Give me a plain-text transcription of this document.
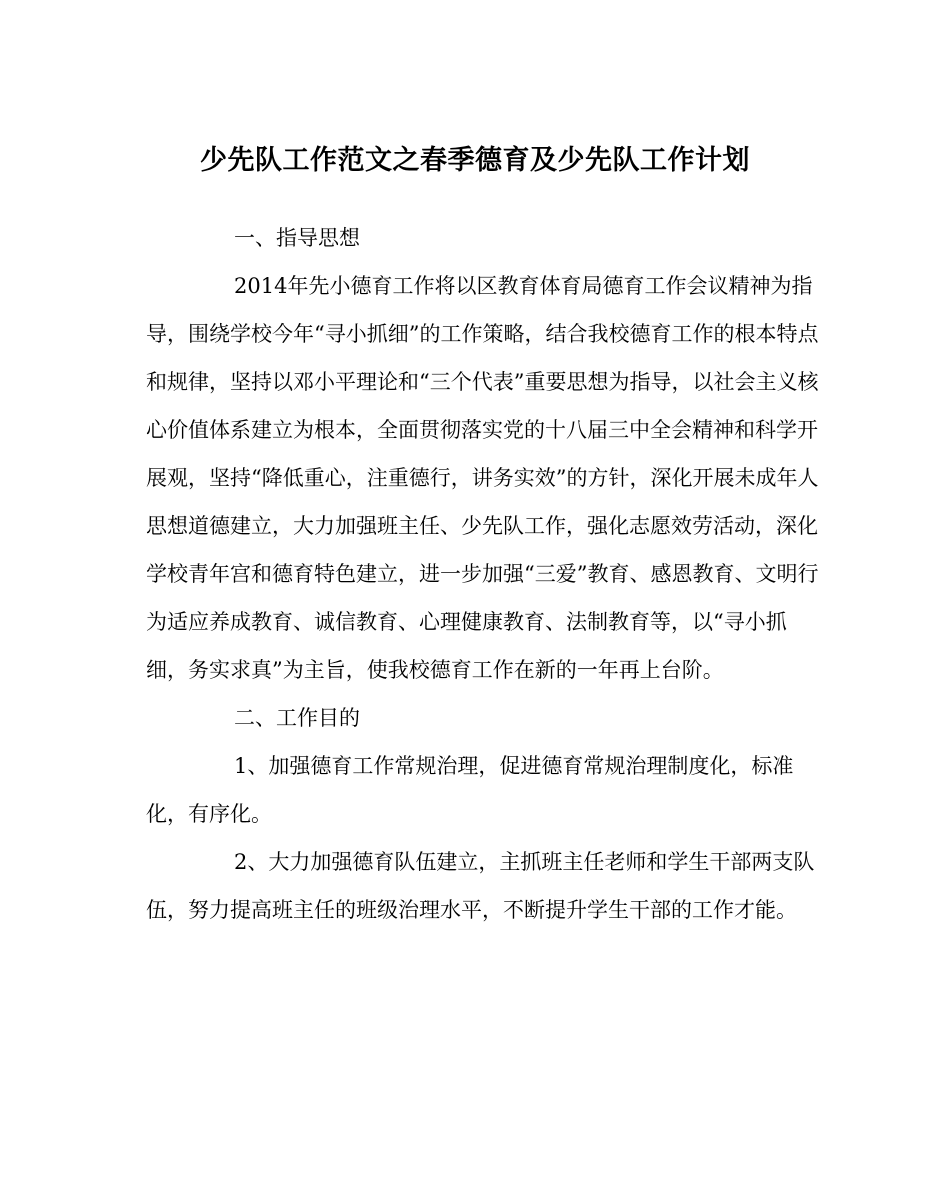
少先队工作范文之春季德育及少先队工作计划

一、指导思想

2014年先小德育工作将以区教育体育局德育工作会议精神为指导，围绕学校今年“寻小抓细”的工作策略，结合我校德育工作的根本特点和规律，坚持以邓小平理论和“三个代表”重要思想为指导，以社会主义核心价值体系建立为根本，全面贯彻落实党的十八届三中全会精神和科学开展观，坚持“降低重心，注重德行，讲务实效”的方针，深化开展未成年人思想道德建立，大力加强班主任、少先队工作，强化志愿效劳活动，深化学校青年宫和德育特色建立，进一步加强“三爱”教育、感恩教育、文明行为适应养成教育、诚信教育、心理健康教育、法制教育等，以“寻小抓细，务实求真”为主旨，使我校德育工作在新的一年再上台阶。

二、工作目的

1、加强德育工作常规治理，促进德育常规治理制度化，标准化，有序化。

2、大力加强德育队伍建立，主抓班主任老师和学生干部两支队伍，努力提高班主任的班级治理水平，不断提升学生干部的工作才能。
